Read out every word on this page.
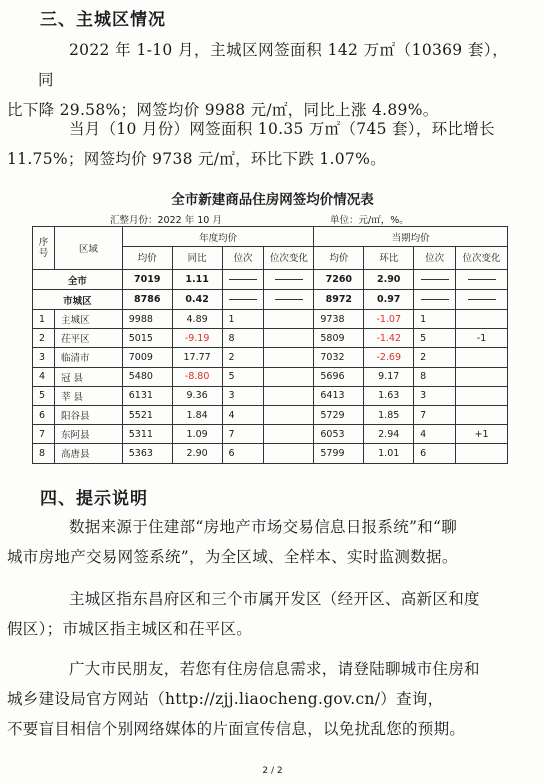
三、主城区情况
2022 年 1-10 月，主城区网签面积 142 万㎡（10369 套），同
比下降 29.58%；网签均价 9988 元/㎡，同比上涨 4.89%。
当月（10 月份）网签面积 10.35 万㎡（745 套），环比增长
11.75%；网签均价 9738 元/㎡，环比下跌 1.07%。
全市新建商品住房网签均价情况表
汇整月份：2022 年 10 月	单位：元/㎡，%。
序号	区域	年度均价				当期均价			
		均价	同比	位次	位次变化	均价	环比	位次	位次变化
全市		7019	1.11			7260	2.90		
市城区		8786	0.42			8972	0.97		
1	主城区	9988	4.89	1		9738	-1.07	1	
2	茌平区	5015	-9.19	8		5809	-1.42	5	-1
3	临清市	7009	17.77	2		7032	-2.69	2	
4	冠 县	5480	-8.80	5		5696	9.17	8	
5	莘 县	6131	9.36	3		6413	1.63	3	
6	阳谷县	5521	1.84	4		5729	1.85	7	
7	东阿县	5311	1.09	7		6053	2.94	4	+1
8	高唐县	5363	2.90	6		5799	1.01	6	
四、提示说明
数据来源于住建部“房地产市场交易信息日报系统”和“聊
城市房地产交易网签系统”，为全区域、全样本、实时监测数据。
主城区指东昌府区和三个市属开发区（经开区、高新区和度
假区）；市城区指主城区和茌平区。
广大市民朋友，若您有住房信息需求，请登陆聊城市住房和
城乡建设局官方网站（http://zjj.liaocheng.gov.cn/）查询，
不要盲目相信个别网络媒体的片面宣传信息，以免扰乱您的预期。
2 / 2
